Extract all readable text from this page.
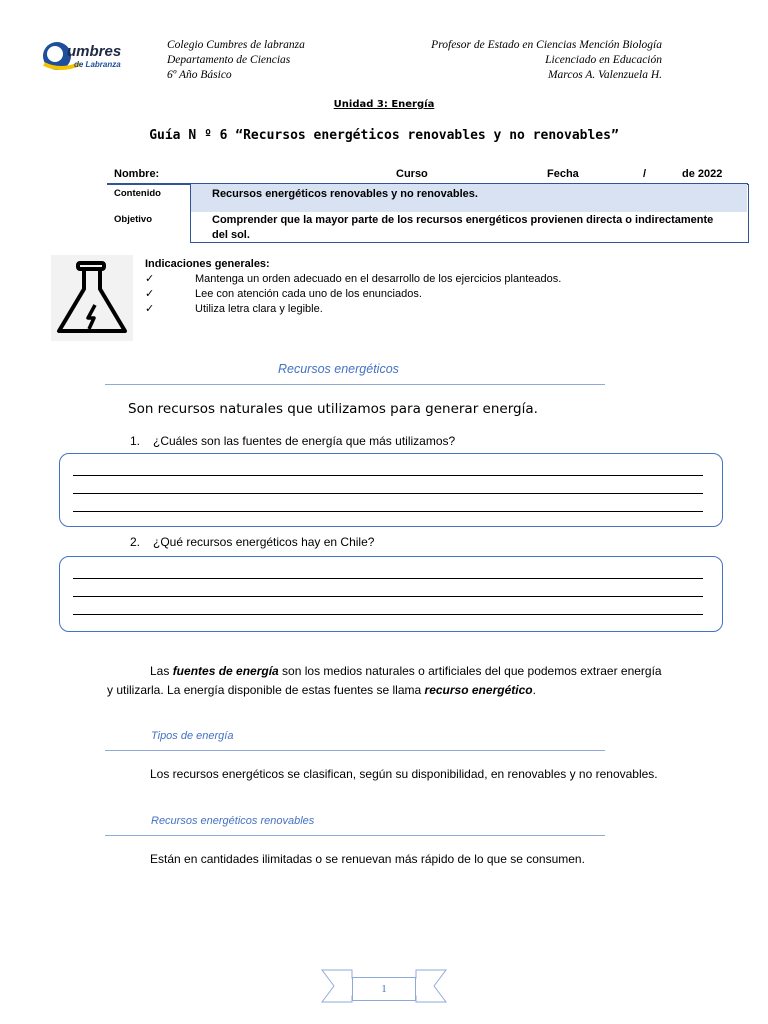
umbres
de Labranza
Colegio Cumbres de labranza
Departamento de Ciencias
6º Año Básico
Profesor de Estado en Ciencias Mención Biología
Licenciado en Educación
Marcos A. Valenzuela H.
Unidad 3: Energía
Guía N º 6 “Recursos energéticos renovables y no renovables”
Nombre:	Curso	Fecha	/	de 2022
Contenido	Recursos energéticos renovables y no renovables.
Objetivo	Comprender que la mayor parte de los recursos energéticos provienen directa o indirectamente del sol.
Indicaciones generales:
✓	Mantenga un orden adecuado en el desarrollo de los ejercicios planteados.
✓	Lee con atención cada uno de los enunciados.
✓	Utiliza letra clara y legible.
Recursos energéticos
Son recursos naturales que utilizamos para generar energía.
1. ¿Cuáles son las fuentes de energía que más utilizamos?
2. ¿Qué recursos energéticos hay en Chile?
Las fuentes de energía son los medios naturales o artificiales del que podemos extraer energía y utilizarla. La energía disponible de estas fuentes se llama recurso energético.
Tipos de energía
Los recursos energéticos se clasifican, según su disponibilidad, en renovables y no renovables.
Recursos energéticos renovables
Están en cantidades ilimitadas o se renuevan más rápido de lo que se consumen.
1
